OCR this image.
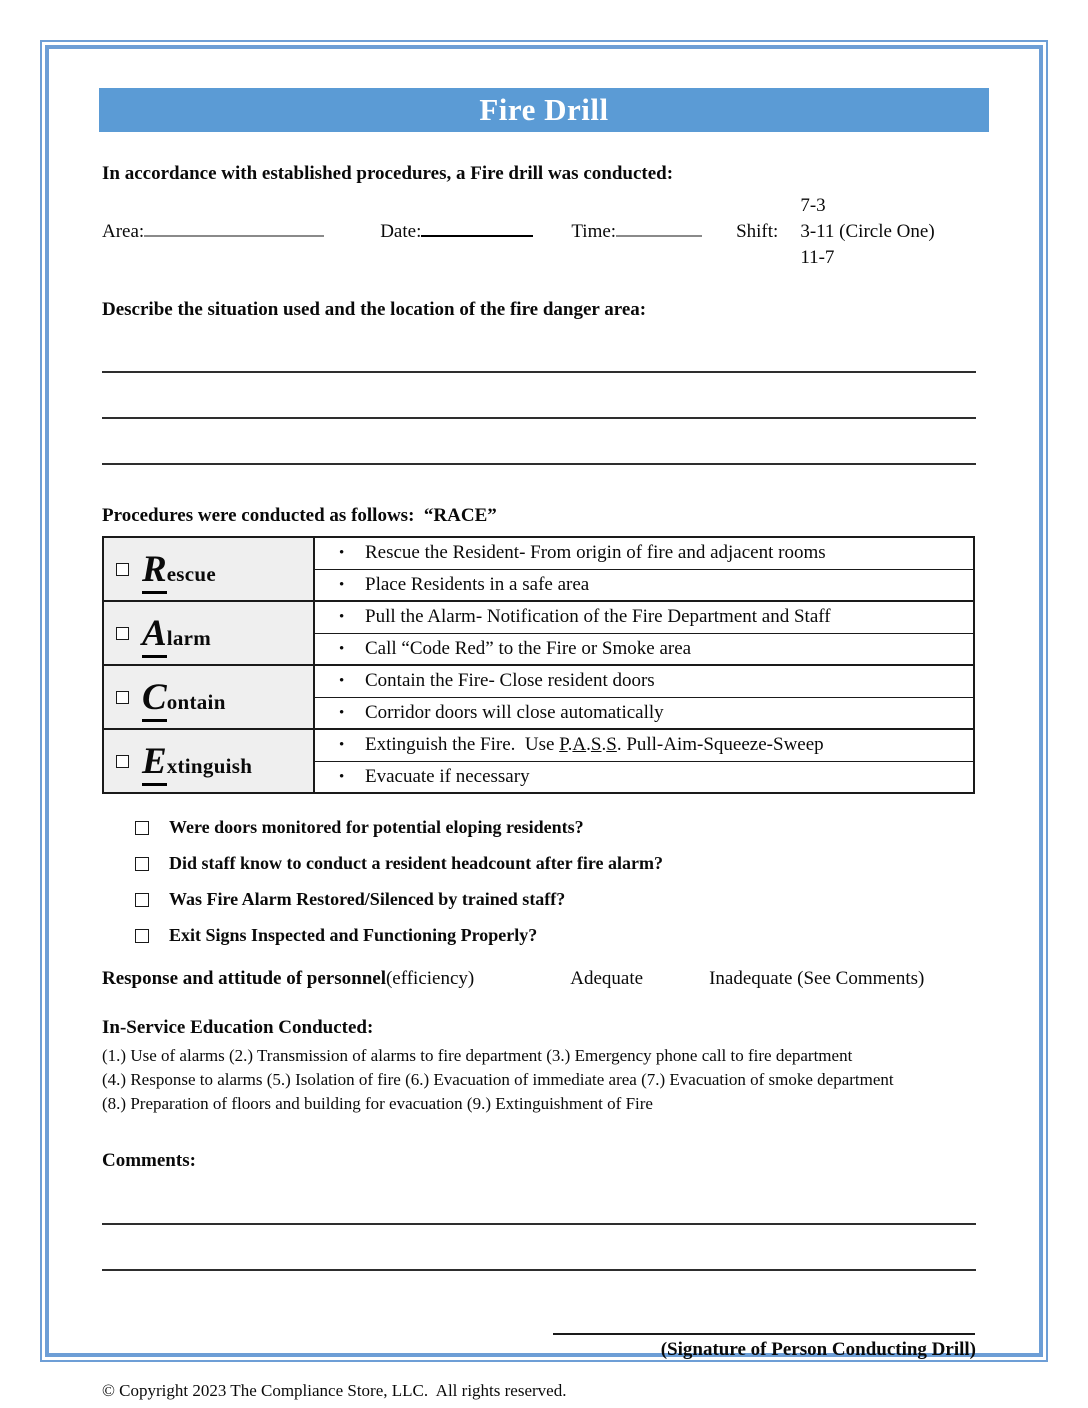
Fire Drill
In accordance with established procedures, a Fire drill was conducted:
Area:	Date:	Time:	Shift:
7-3
3-11 (Circle One)
11-7
Describe the situation used and the location of the fire danger area:
Procedures were conducted as follows:  “RACE”
Rescue	• Rescue the Resident- From origin of fire and adjacent rooms
	• Place Residents in a safe area

Alarm	• Pull the Alarm- Notification of the Fire Department and Staff
	• Call “Code Red” to the Fire or Smoke area

Contain	• Contain the Fire- Close resident doors
	• Corridor doors will close automatically

Extinguish	• Extinguish the Fire.  Use P.A.S.S. Pull-Aim-Squeeze-Sweep
	• Evacuate if necessary
Were doors monitored for potential eloping residents?
Did staff know to conduct a resident headcount after fire alarm?
Was Fire Alarm Restored/Silenced by trained staff?
Exit Signs Inspected and Functioning Properly?
Response and attitude of personnel (efficiency)	Adequate	Inadequate (See Comments)
In-Service Education Conducted:
(1.) Use of alarms (2.) Transmission of alarms to fire department (3.) Emergency phone call to fire department
(4.) Response to alarms (5.) Isolation of fire (6.) Evacuation of immediate area (7.) Evacuation of smoke department
(8.) Preparation of floors and building for evacuation (9.) Extinguishment of Fire
Comments:
(Signature of Person Conducting Drill)
© Copyright 2023 The Compliance Store, LLC.  All rights reserved.
